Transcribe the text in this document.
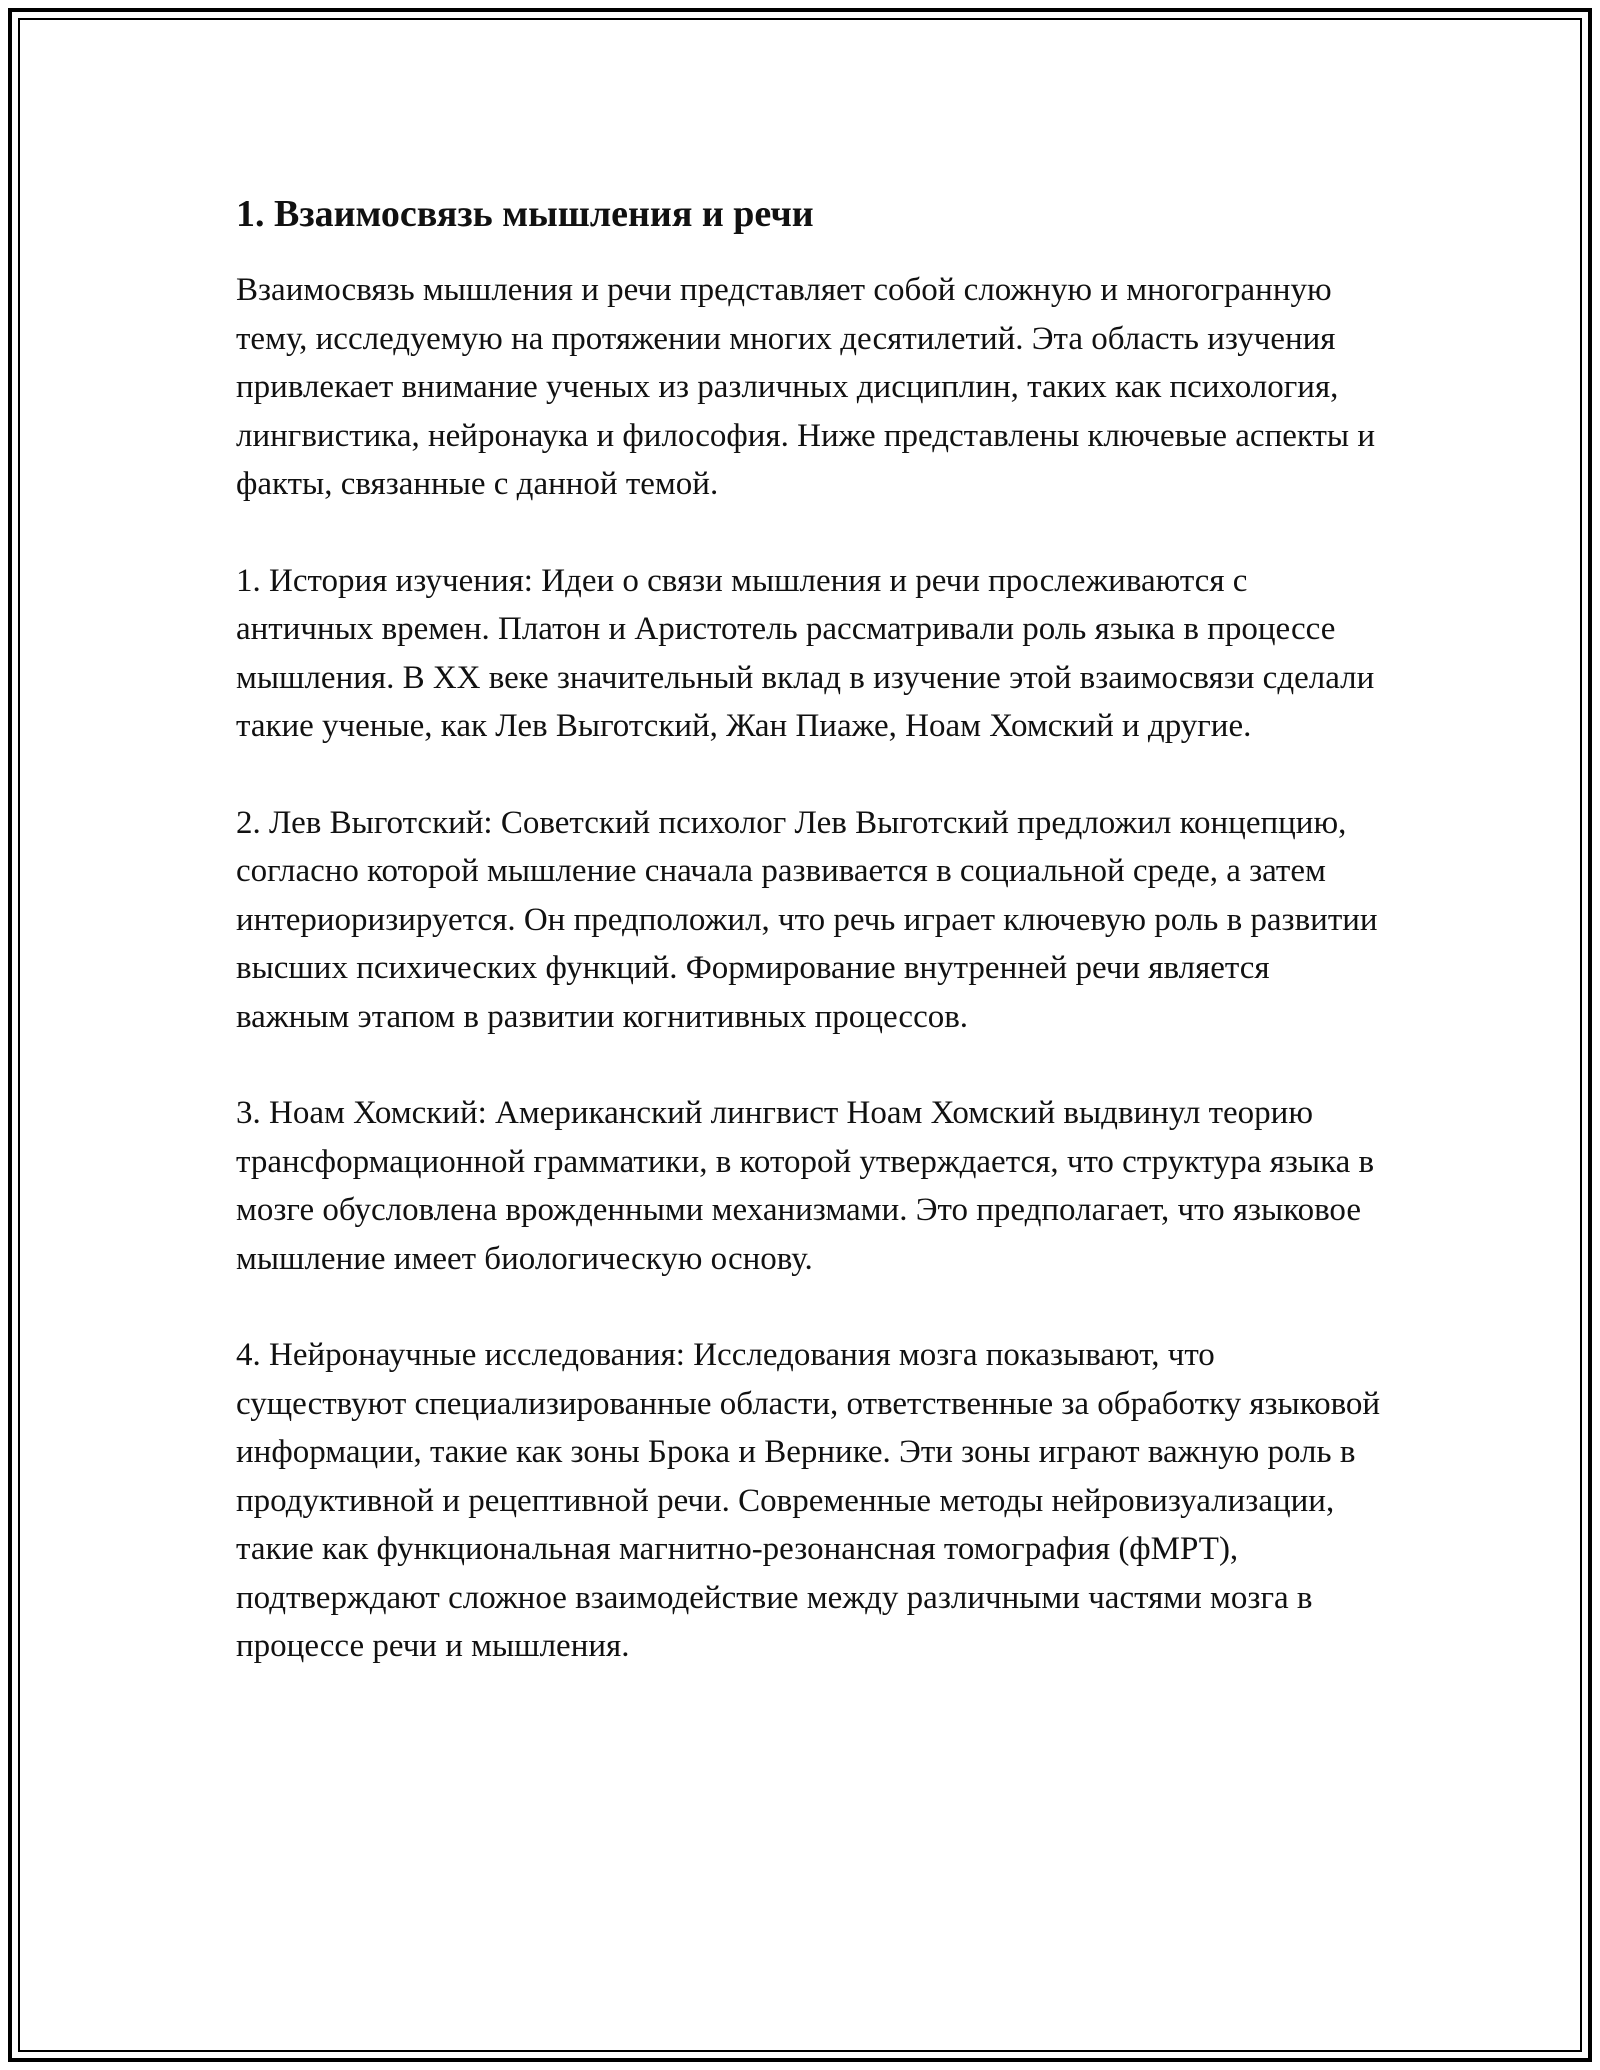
1. Взаимосвязь мышления и речи

Взаимосвязь мышления и речи представляет собой сложную и многогранную тему, исследуемую на протяжении многих десятилетий. Эта область изучения привлекает внимание ученых из различных дисциплин, таких как психология, лингвистика, нейронаука и философия. Ниже представлены ключевые аспекты и факты, связанные с данной темой.

1. История изучения: Идеи о связи мышления и речи прослеживаются с античных времен. Платон и Аристотель рассматривали роль языка в процессе мышления. В XX веке значительный вклад в изучение этой взаимосвязи сделали такие ученые, как Лев Выготский, Жан Пиаже, Ноам Хомский и другие.

2. Лев Выготский: Советский психолог Лев Выготский предложил концепцию, согласно которой мышление сначала развивается в социальной среде, а затем интериоризируется. Он предположил, что речь играет ключевую роль в развитии высших психических функций. Формирование внутренней речи является важным этапом в развитии когнитивных процессов.

3. Ноам Хомский: Американский лингвист Ноам Хомский выдвинул теорию трансформационной грамматики, в которой утверждается, что структура языка в мозге обусловлена врожденными механизмами. Это предполагает, что языковое мышление имеет биологическую основу.

4. Нейронаучные исследования: Исследования мозга показывают, что существуют специализированные области, ответственные за обработку языковой информации, такие как зоны Брока и Вернике. Эти зоны играют важную роль в продуктивной и рецептивной речи. Современные методы нейровизуализации, такие как функциональная магнитно-резонансная томография (фМРТ), подтверждают сложное взаимодействие между различными частями мозга в процессе речи и мышления.
